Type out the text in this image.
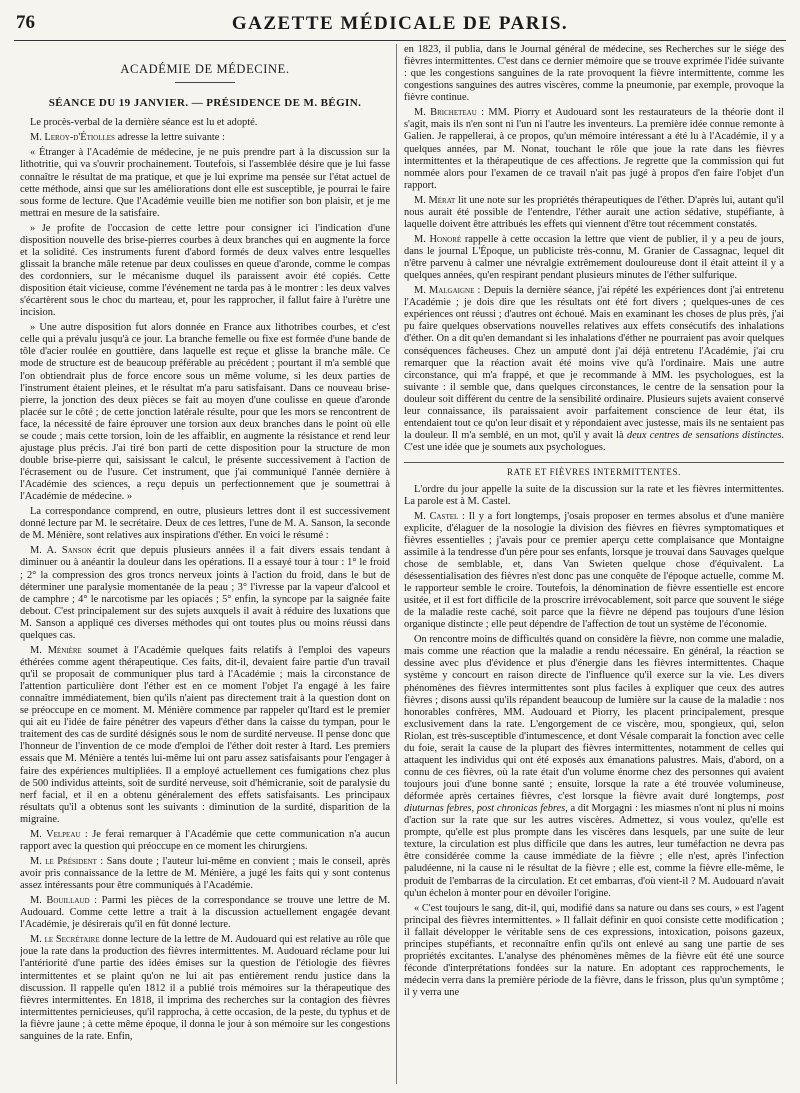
76	GAZETTE MÉDICALE DE PARIS.
ACADÉMIE DE MÉDECINE.
SÉANCE DU 19 JANVIER. — PRÉSIDENCE DE M. BÉGIN.

Le procès-verbal de la dernière séance est lu et adopté.

M. Leroy-d'Étiolles adresse la lettre suivante :

« Étranger à l'Académie de médecine, je ne puis prendre part à la discussion sur la lithotritie, qui va s'ouvrir prochainement. Toutefois, si l'assemblée désire que je lui fasse connaître le résultat de ma pratique, et que je lui exprime ma pensée sur l'état actuel de cette méthode, ainsi que sur les améliorations dont elle est susceptible, je pourrai le faire sous forme de lecture. Que l'Académie veuille bien me notifier son bon plaisir, et je me mettrai en mesure de la satisfaire.

» Je profite de l'occasion de cette lettre pour consigner ici l'indication d'une disposition nouvelle des brise-pierres courbes à deux branches qui en augmente la force et la solidité. Ces instruments furent d'abord formés de deux valves entre lesquelles glissait la branche mâle retenue par deux coulisses en queue d'aronde, comme le compas des cordonniers, sur le mécanisme duquel ils paraissent avoir été copiés. Cette disposition était vicieuse, comme l'événement ne tarda pas à le montrer : les deux valves s'écartèrent sous le choc du marteau, et, pour les rapprocher, il fallut faire à l'urètre une incision.

» Une autre disposition fut alors donnée en France aux lithotribes courbes, et c'est celle qui a prévalu jusqu'à ce jour. La branche femelle ou fixe est formée d'une bande de tôle d'acier roulée en gouttière, dans laquelle est reçue et glisse la branche mâle. Ce mode de structure est de beaucoup préférable au précédent ; pourtant il m'a semblé que l'on obtiendrait plus de force encore sous un même volume, si les deux parties de l'instrument étaient pleines, et le résultat m'a paru satisfaisant. Dans ce nouveau brise-pierre, la jonction des deux pièces se fait au moyen d'une coulisse en queue d'aronde placée sur le côté ; de cette jonction latérale résulte, pour que les mors se rencontrent de face, la nécessité de faire éprouver une torsion aux deux branches dans le point où elle se coude ; mais cette torsion, loin de les affaiblir, en augmente la résistance et rend leur ajustage plus précis. J'ai tiré bon parti de cette disposition pour la structure de mon double brise-pierre qui, saisissant le calcul, le présente successivement à l'action de l'écrasement ou de l'usure. Cet instrument, que j'ai communiqué l'année dernière à l'Académie des sciences, a reçu depuis un perfectionnement que je soumettrai à l'Académie de médecine. »

La correspondance comprend, en outre, plusieurs lettres dont il est successivement donné lecture par M. le secrétaire. Deux de ces lettres, l'une de M. A. Sanson, la seconde de M. Ménière, sont relatives aux inspirations d'éther. En voici le résumé :

M. A. Sanson écrit que depuis plusieurs années il a fait divers essais tendant à diminuer ou à anéantir la douleur dans les opérations. Il a essayé tour à tour : 1° le froid ; 2° la compression des gros troncs nerveux joints à l'action du froid, dans le but de déterminer une paralysie momentanée de la peau ; 3° l'ivresse par la vapeur d'alcool et de camphre ; 4° le narcotisme par les opiacés ; 5° enfin, la syncope par la saignée faite debout. C'est principalement sur des sujets auxquels il avait à réduire des luxations que M. Sanson a appliqué ces diverses méthodes qui ont toutes plus ou moins réussi dans quelques cas.

M. Ménière soumet à l'Académie quelques faits relatifs à l'emploi des vapeurs éthérées comme agent thérapeutique. Ces faits, dit-il, devaient faire partie d'un travail qu'il se proposait de communiquer plus tard à l'Académie ; mais la circonstance de l'attention particulière dont l'éther est en ce moment l'objet l'a engagé à les faire connaître immédiatement, bien qu'ils n'aient pas directement trait à la question dont on se préoccupe en ce moment. M. Ménière commence par rappeler qu'Itard est le premier qui ait eu l'idée de faire pénétrer des vapeurs d'éther dans la caisse du tympan, pour le traitement des cas de surdité désignés sous le nom de surdité nerveuse. Il pense donc que l'honneur de l'invention de ce mode d'emploi de l'éther doit rester à Itard. Les premiers essais que M. Ménière a tentés lui-même lui ont paru assez satisfaisants pour l'engager à faire des expériences multipliées. Il a employé actuellement ces fumigations chez plus de 500 individus atteints, soit de surdité nerveuse, soit d'hémicranie, soit de paralysie du nerf facial, et il en a obtenu généralement des effets satisfaisants. Les principaux résultats qu'il a obtenus sont les suivants : diminution de la surdité, disparition de la migraine.

M. Velpeau : Je ferai remarquer à l'Académie que cette communication n'a aucun rapport avec la question qui préoccupe en ce moment les chirurgiens.

M. le Président : Sans doute ; l'auteur lui-même en convient ; mais le conseil, après avoir pris connaissance de la lettre de M. Ménière, a jugé les faits qui y sont contenus assez intéressants pour être communiqués à l'Académie.

M. Bouillaud : Parmi les pièces de la correspondance se trouve une lettre de M. Audouard. Comme cette lettre a trait à la discussion actuellement engagée devant l'Académie, je désirerais qu'il en fût donné lecture.

M. le Secrétaire donne lecture de la lettre de M. Audouard qui est relative au rôle que joue la rate dans la production des fièvres intermittentes. M. Audouard réclame pour lui l'antériorité d'une partie des idées émises sur la question de l'étiologie des fièvres intermittentes et se plaint qu'on ne lui ait pas entièrement rendu justice dans la discussion. Il rappelle qu'en 1812 il a publié trois mémoires sur la thérapeutique des fièvres intermittentes. En 1818, il imprima des recherches sur la contagion des fièvres intermittentes pernicieuses, qu'il rapprocha, à cette occasion, de la peste, du typhus et de la fièvre jaune ; à cette même époque, il donna le jour à son mémoire sur les congestions sanguines de la rate. Enfin,

en 1823, il publia, dans le Journal général de médecine, ses Recherches sur le siége des fièvres intermittentes. C'est dans ce dernier mémoire que se trouve exprimée l'idée suivante : que les congestions sanguines de la rate provoquent la fièvre intermittente, comme les congestions sanguines des autres viscères, comme la pneumonie, par exemple, provoque la fièvre continue.

M. Bricheteau : MM. Piorry et Audouard sont les restaurateurs de la théorie dont il s'agit, mais ils n'en sont ni l'un ni l'autre les inventeurs. La première idée connue remonte à Galien. Je rappellerai, à ce propos, qu'un mémoire intéressant a été lu à l'Académie, il y a quelques années, par M. Nonat, touchant le rôle que joue la rate dans les fièvres intermittentes et la thérapeutique de ces affections. Je regrette que la commission qui fut nommée alors pour l'examen de ce travail n'ait pas jugé à propos d'en faire l'objet d'un rapport.

M. Mérat lit une note sur les propriétés thérapeutiques de l'éther. D'après lui, autant qu'il nous aurait été possible de l'entendre, l'éther aurait une action sédative, stupéfiante, à laquelle doivent être attribués les effets qui viennent d'être tout récemment constatés.

M. Honoré rappelle à cette occasion la lettre que vient de publier, il y a peu de jours, dans le journal L'Époque, un publiciste très-connu, M. Granier de Cassagnac, lequel dit n'être parvenu à calmer une névralgie extrêmement douloureuse dont il était atteint il y a quelques années, qu'en respirant pendant plusieurs minutes de l'éther sulfurique.

M. Malgaigne : Depuis la dernière séance, j'ai répété les expériences dont j'ai entretenu l'Académie ; je dois dire que les résultats ont été fort divers ; quelques-unes de ces expériences ont réussi ; d'autres ont échoué. Mais en examinant les choses de plus près, j'ai pu faire quelques observations nouvelles relatives aux effets consécutifs des inhalations d'éther. On a dit qu'en demandant si les inhalations d'éther ne pourraient pas avoir quelques conséquences fâcheuses. Chez un amputé dont j'ai déjà entretenu l'Académie, j'ai cru remarquer que la réaction avait été moins vive qu'à l'ordinaire. Mais une autre circonstance, qui m'a frappé, et que je recommande à MM. les psychologues, est la suivante : il semble que, dans quelques circonstances, le centre de la sensation pour la douleur soit différent du centre de la sensibilité ordinaire. Plusieurs sujets avaient conservé leur connaissance, ils paraissaient avoir parfaitement conscience de leur état, ils entendaient tout ce qu'on leur disait et y répondaient avec justesse, mais ils ne sentaient pas la douleur. Il m'a semblé, en un mot, qu'il y avait là deux centres de sensations distinctes. C'est une idée que je soumets aux psychologues.

RATE ET FIÈVRES INTERMITTENTES.

L'ordre du jour appelle la suite de la discussion sur la rate et les fièvres intermittentes. La parole est à M. Castel.

M. Castel : Il y a fort longtemps, j'osais proposer en termes absolus et d'une manière explicite, d'élaguer de la nosologie la division des fièvres en fièvres symptomatiques et fièvres essentielles ; j'avais pour ce premier aperçu cette complaisance que Montaigne assimile à la tendresse d'un père pour ses enfants, lorsque je trouvai dans Sauvages quelque chose de semblable, et, dans Van Swieten quelque chose d'équivalent. La désessentialisation des fièvres n'est donc pas une conquête de l'époque actuelle, comme M. le rapporteur semble le croire. Toutefois, la dénomination de fièvre essentielle est encore usitée, et il est fort difficile de la proscrire irrévocablement, soit parce que souvent le siége de la maladie reste caché, soit parce que la fièvre ne dépend pas toujours d'une lésion organique distincte ; elle peut dépendre de l'affection de tout un système de l'économie.

On rencontre moins de difficultés quand on considère la fièvre, non comme une maladie, mais comme une réaction que la maladie a rendu nécessaire. En général, la réaction se dessine avec plus d'évidence et plus d'énergie dans les fièvres intermittentes. Chaque système y concourt en raison directe de l'influence qu'il exerce sur la vie. Les divers phénomènes des fièvres intermittentes sont plus faciles à expliquer que ceux des autres fièvres ; disons aussi qu'ils répandent beaucoup de lumière sur la cause de la maladie : nos honorables confrères, MM. Audouard et Piorry, les placent principalement, presque exclusivement dans la rate. L'engorgement de ce viscère, mou, spongieux, qui, selon Riolan, est très-susceptible d'intumescence, et dont Vésale comparait la fonction avec celle du foie, serait la cause de la plupart des fièvres intermittentes, notamment de celles qui attaquent les individus qui ont été exposés aux émanations palustres. Mais, d'abord, on a connu de ces fièvres, où la rate était d'un volume énorme chez des personnes qui avaient toujours joui d'une bonne santé ; ensuite, lorsque la rate a été trouvée volumineuse, déformée après certaines fièvres, c'est lorsque la fièvre avait duré longtemps, post diuturnas febres, post chronicas febres, a dit Morgagni : les miasmes n'ont ni plus ni moins d'action sur la rate que sur les autres viscères. Admettez, si vous voulez, qu'elle est prompte, qu'elle est plus prompte dans les viscères dans lesquels, par une suite de leur texture, la circulation est plus difficile que dans les autres, leur tuméfaction ne devra pas être considérée comme la cause immédiate de la fièvre ; elle n'est, après l'infection paludéenne, ni la cause ni le résultat de la fièvre ; elle est, comme la fièvre elle-même, le produit de l'embarras de la circulation. Et cet embarras, d'où vient-il ? M. Audouard n'avait qu'un échelon à monter pour en dévoiler l'origine.

« C'est toujours le sang, dit-il, qui, modifié dans sa nature ou dans ses cours, » est l'agent principal des fièvres intermittentes. » Il fallait définir en quoi consiste cette modification ; il fallait développer le véritable sens de ces expressions, intoxication, poisons gazeux, principes stupéfiants, et reconnaître enfin qu'ils ont enlevé au sang une partie de ses propriétés excitantes. L'analyse des phénomènes mêmes de la fièvre eût été une source féconde d'interprétations fondées sur la nature. En adoptant ces rapprochements, le médecin verra dans la première période de la fièvre, dans le frisson, plus qu'un symptôme ; il y verra une
